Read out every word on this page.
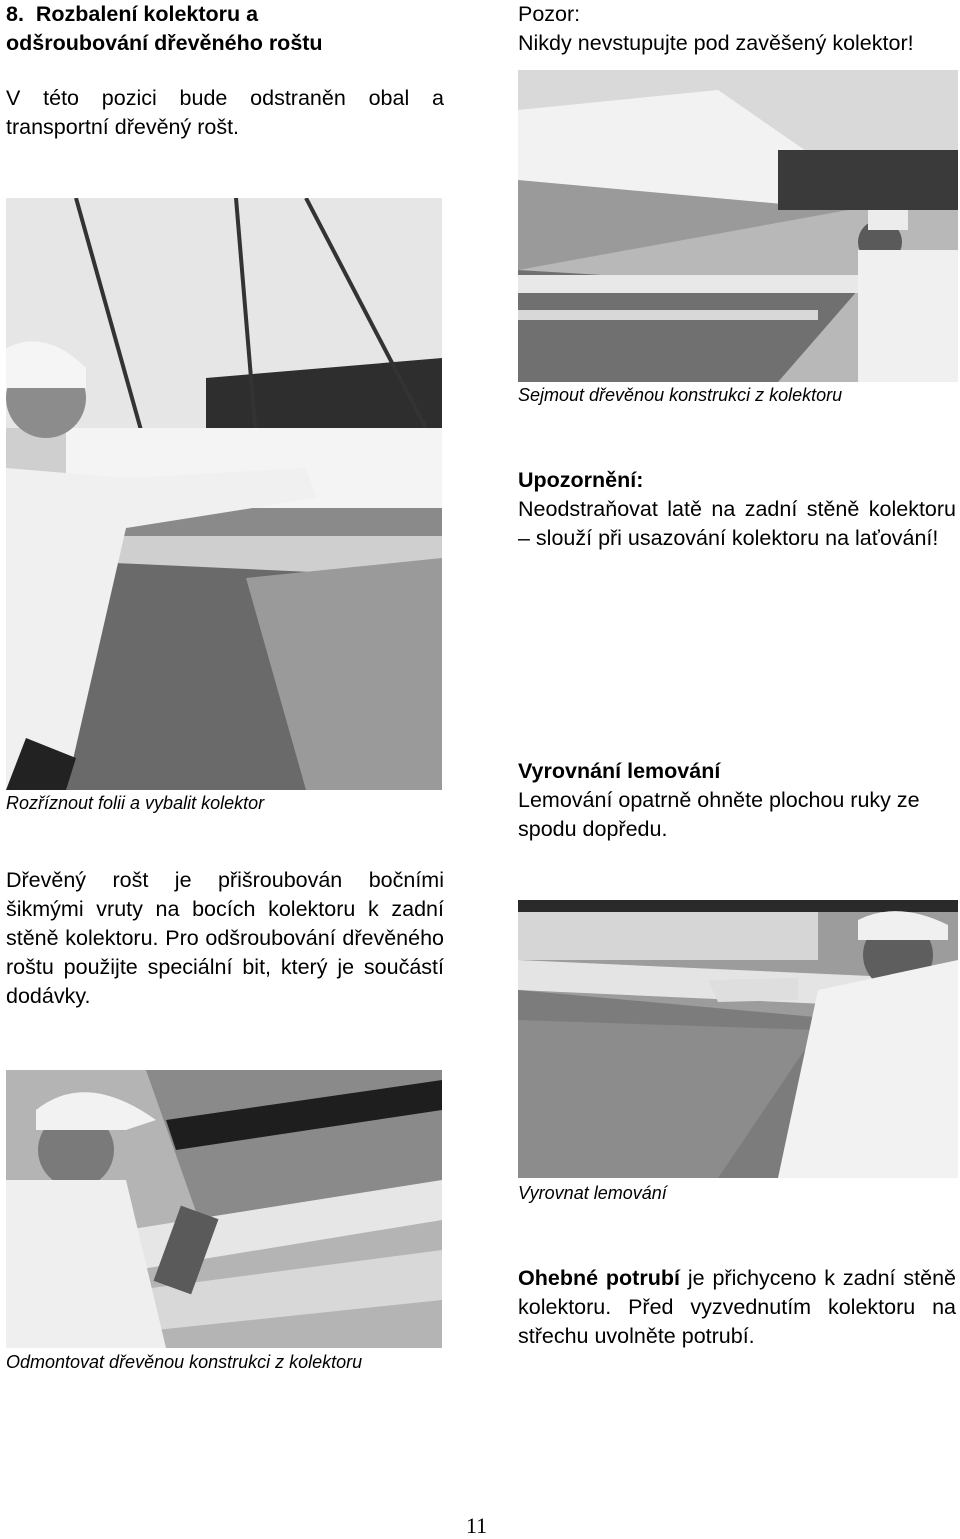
8. Rozbalení kolektoru a
odšroubování dřevěného roštu
V této pozici bude odstraněn obal a transportní dřevěný rošt.
Pozor:
Nikdy nevstupujte pod zavěšený kolektor!
Sejmout dřevěnou konstrukci z kolektoru
Rozříznout folii a vybalit kolektor
Upozornění:
Neodstraňovat latě na zadní stěně kolektoru – slouží při usazování kolektoru na laťování!
Vyrovnání lemování
Lemování opatrně ohněte plochou ruky ze spodu dopředu.
Dřevěný rošt je přišroubován bočními šikmými vruty na bocích kolektoru k zadní stěně kolektoru. Pro odšroubování dřevěného roštu použijte speciální bit, který je součástí dodávky.
Vyrovnat lemování
Odmontovat dřevěnou konstrukci z kolektoru
Ohebné potrubí je přichyceno k zadní stěně kolektoru. Před vyzvednutím kolektoru na střechu uvolněte potrubí.
11
